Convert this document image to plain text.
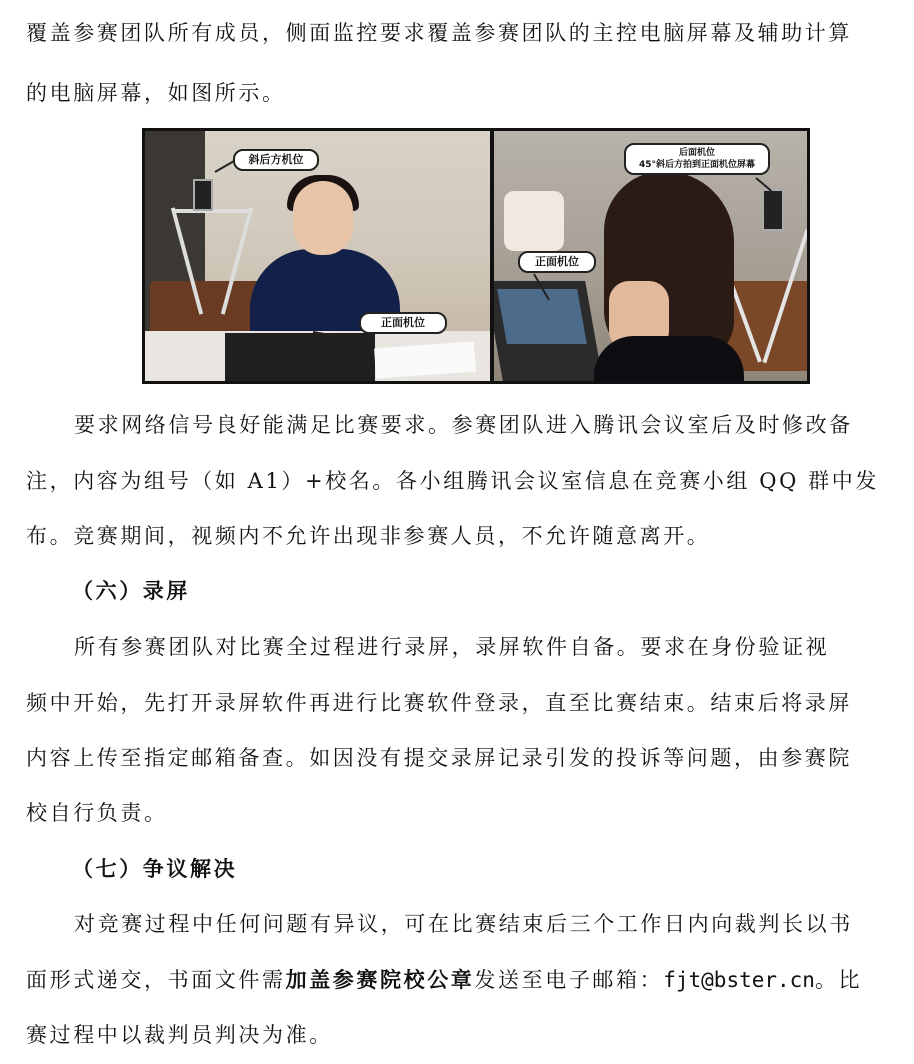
覆盖参赛团队所有成员，侧面监控要求覆盖参赛团队的主控电脑屏幕及辅助计算
的电脑屏幕，如图所示。
斜后方机位
正面机位
后面机位
45°斜后方拍到正面机位屏幕
正面机位
要求网络信号良好能满足比赛要求。参赛团队进入腾讯会议室后及时修改备
注，内容为组号（如 A1）+校名。各小组腾讯会议室信息在竞赛小组 QQ 群中发
布。竞赛期间，视频内不允许出现非参赛人员，不允许随意离开。
（六）录屏
所有参赛团队对比赛全过程进行录屏，录屏软件自备。要求在身份验证视
频中开始，先打开录屏软件再进行比赛软件登录，直至比赛结束。结束后将录屏
内容上传至指定邮箱备查。如因没有提交录屏记录引发的投诉等问题，由参赛院
校自行负责。
（七）争议解决
对竞赛过程中任何问题有异议，可在比赛结束后三个工作日内向裁判长以书
面形式递交，书面文件需加盖参赛院校公章发送至电子邮箱：fjt@bster.cn。比
赛过程中以裁判员判决为准。
